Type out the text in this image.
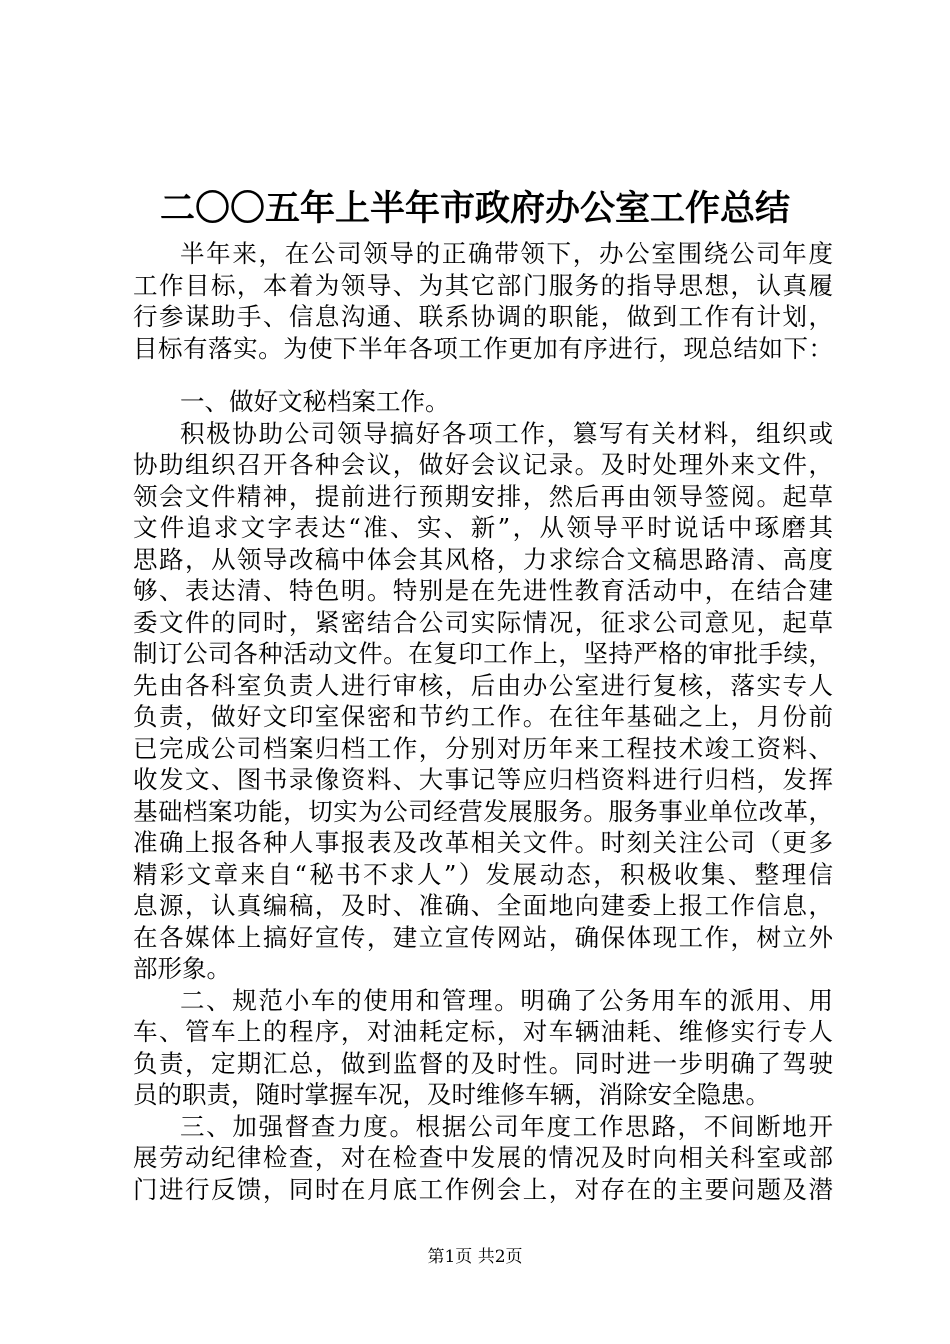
二〇〇五年上半年市政府办公室工作总结
半年来，在公司领导的正确带领下，办公室围绕公司年度
工作目标，本着为领导、为其它部门服务的指导思想，认真履
行参谋助手、信息沟通、联系协调的职能，做到工作有计划，
目标有落实。为使下半年各项工作更加有序进行，现总结如下：
一、做好文秘档案工作。
积极协助公司领导搞好各项工作，篡写有关材料，组织或
协助组织召开各种会议，做好会议记录。及时处理外来文件，
领会文件精神，提前进行预期安排，然后再由领导签阅。起草
文件追求文字表达“准、实、新”，从领导平时说话中琢磨其
思路，从领导改稿中体会其风格，力求综合文稿思路清、高度
够、表达清、特色明。特别是在先进性教育活动中，在结合建
委文件的同时，紧密结合公司实际情况，征求公司意见，起草
制订公司各种活动文件。在复印工作上，坚持严格的审批手续，
先由各科室负责人进行审核，后由办公室进行复核，落实专人
负责，做好文印室保密和节约工作。在往年基础之上，月份前
已完成公司档案归档工作，分别对历年来工程技术竣工资料、
收发文、图书录像资料、大事记等应归档资料进行归档，发挥
基础档案功能，切实为公司经营发展服务。服务事业单位改革，
准确上报各种人事报表及改革相关文件。时刻关注公司（更多
精彩文章来自“秘书不求人”）发展动态，积极收集、整理信
息源，认真编稿，及时、准确、全面地向建委上报工作信息，
在各媒体上搞好宣传，建立宣传网站，确保体现工作，树立外
部形象。
二、规范小车的使用和管理。明确了公务用车的派用、用
车、管车上的程序，对油耗定标，对车辆油耗、维修实行专人
负责，定期汇总，做到监督的及时性。同时进一步明确了驾驶
员的职责，随时掌握车况，及时维修车辆，消除安全隐患。
三、加强督查力度。根据公司年度工作思路，不间断地开
展劳动纪律检查，对在检查中发展的情况及时向相关科室或部
门进行反馈，同时在月底工作例会上，对存在的主要问题及潜
第1页 共2页
